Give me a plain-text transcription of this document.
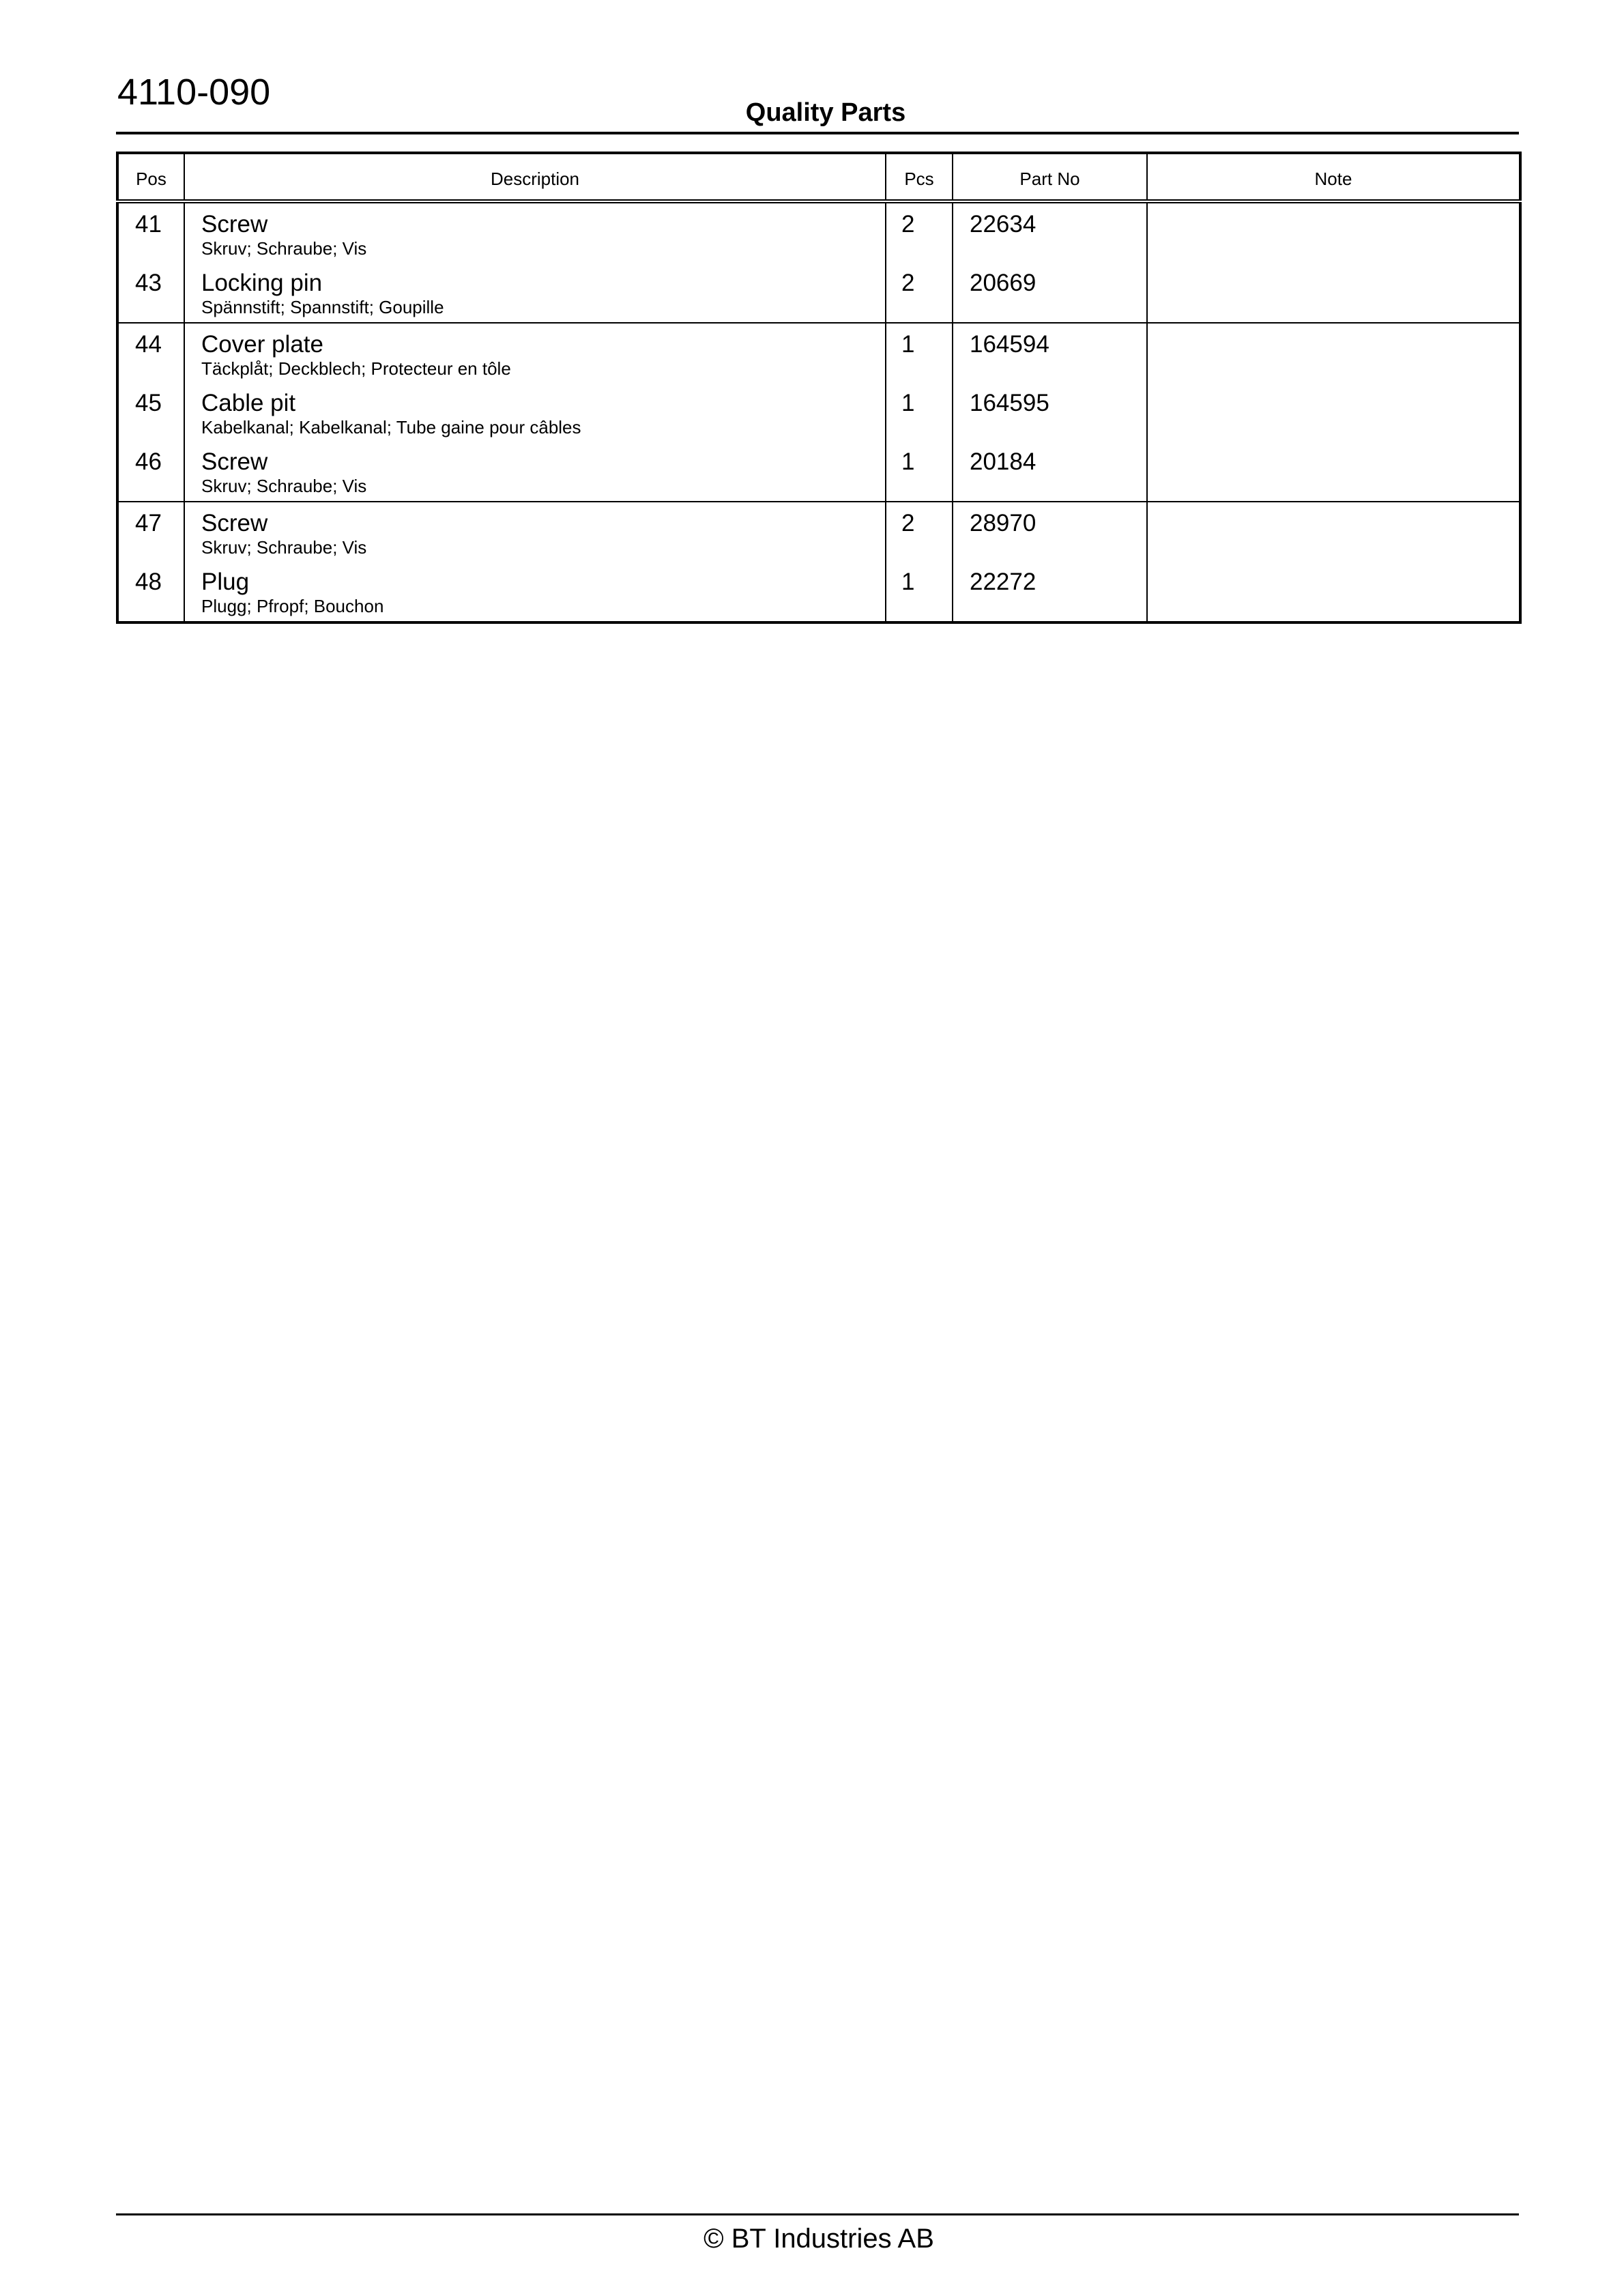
4110-090	Quality Parts
Pos	Description	Pcs	Part No	Note

41	Screw
Skruv; Schraube; Vis	2	22634	

43	Locking pin
Spännstift; Spannstift; Goupille	2	20669	

44	Cover plate
Täckplåt; Deckblech; Protecteur en tôle	1	164594	

45	Cable pit
Kabelkanal; Kabelkanal; Tube gaine pour câbles	1	164595	

46	Screw
Skruv; Schraube; Vis	1	20184	

47	Screw
Skruv; Schraube; Vis	2	28970	

48	Plug
Plugg; Pfropf; Bouchon	1	22272	

© BT Industries AB
